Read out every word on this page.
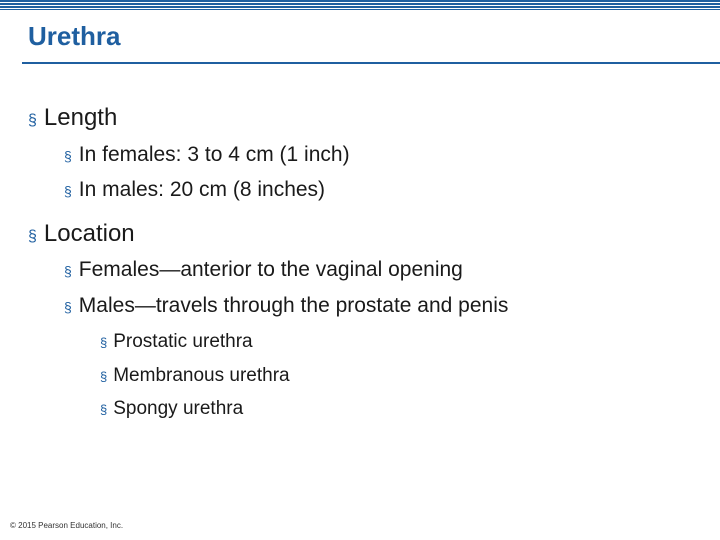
Urethra
§ Length
§ In females: 3 to 4 cm (1 inch)
§ In males: 20 cm (8 inches)
§ Location
§ Females—anterior to the vaginal opening
§ Males—travels through the prostate and penis
§ Prostatic urethra
§ Membranous urethra
§ Spongy urethra
© 2015 Pearson Education, Inc.
